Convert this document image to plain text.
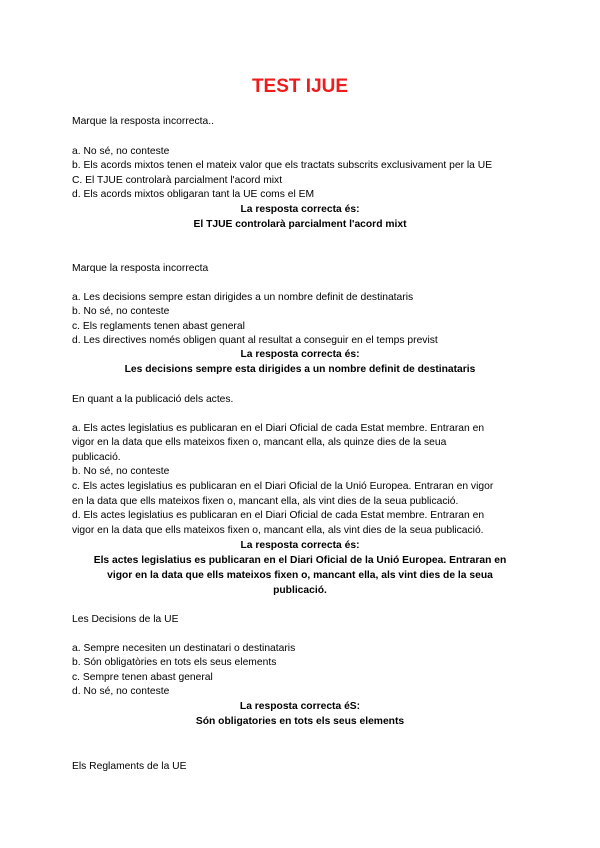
TEST IJUE
Marque la resposta incorrecta..
a. No sé, no conteste
b. Els acords mixtos tenen el mateix valor que els tractats subscrits exclusivament per la UE
C. El TJUE controlarà parcialment l'acord mixt
d. Els acords mixtos obligaran tant la UE coms el EM
La resposta correcta és:
El TJUE controlarà parcialment l'acord mixt
Marque la resposta incorrecta
a. Les decisions sempre estan dirigides a un nombre definit de destinataris
b. No sé, no conteste
c. Els reglaments tenen abast general
d. Les directives només obligen quant al resultat a conseguir en el temps previst
La resposta correcta és:
Les decisions sempre esta dirigides a un nombre definit de destinataris
En quant a la publicació dels actes.
a. Els actes legislatius es publicaran en el Diari Oficial de cada Estat membre. Entraran en
vigor en la data que ells mateixos fixen o, mancant ella, als quinze dies de la seua
publicació.
b. No sé, no conteste
c. Els actes legislatius es publicaran en el Diari Oficial de la Unió Europea. Entraran en vigor
en la data que ells mateixos fixen o, mancant ella, als vint dies de la seua publicació.
d. Els actes legislatius es publicaran en el Diari Oficial de cada Estat membre. Entraran en
vigor en la data que ells mateixos fixen o, mancant ella, als vint dies de la seua publicació.
La resposta correcta és:
Els actes legislatius es publicaran en el Diari Oficial de la Unió Europea. Entraran en
vigor en la data que ells mateixos fixen o, mancant ella, als vint dies de la seua
publicació.
Les Decisions de la UE
a. Sempre necesiten un destinatari o destinataris
b. Són obligatòries en tots els seus elements
c. Sempre tenen abast general
d. No sé, no conteste
La resposta correcta éS:
Són obligatories en tots els seus elements
Els Reglaments de la UE
